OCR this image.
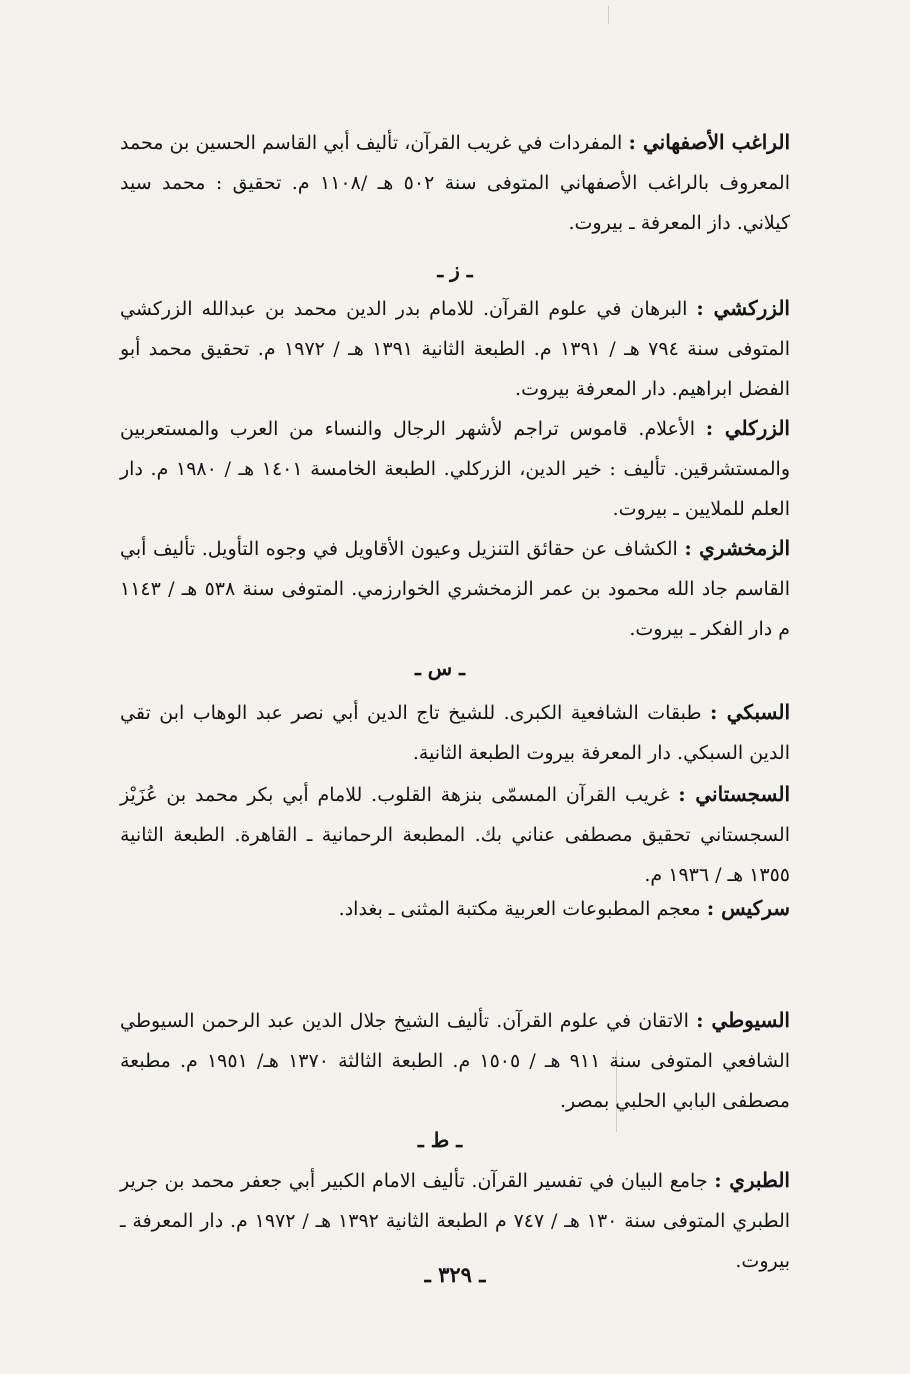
الراغب الأصفهاني : المفردات في غريب القرآن، تأليف أبي القاسم الحسين بن محمد المعروف بالراغب الأصفهاني المتوفى سنة ٥٠٢ هـ /١١٠٨ م. تحقيق : محمد سيد كيلاني. داز المعرفة ـ بيروت.
ـ ز ـ
الزركشي : البرهان في علوم القرآن. للامام بدر الدين محمد بن عبدالله الزركشي المتوفى سنة ٧٩٤ هـ / ١٣٩١ م. الطبعة الثانية ١٣٩١ هـ / ١٩٧٢ م. تحقيق محمد أبو الفضل ابراهيم. دار المعرفة بيروت.
الزركلي : الأعلام. قاموس تراجم لأشهر الرجال والنساء من العرب والمستعربين والمستشرقين. تأليف : خير الدين، الزركلي. الطبعة الخامسة ١٤٠١ هـ / ١٩٨٠ م. دار العلم للملايين ـ بيروت.
الزمخشري : الكشاف عن حقائق التنزيل وعيون الأقاويل في وجوه التأويل. تأليف أبي القاسم جاد الله محمود بن عمر الزمخشري الخوارزمي. المتوفى سنة ٥٣٨ هـ / ١١٤٣ م دار الفكر ـ بيروت.
ـ س ـ
السبكي : طبقات الشافعية الكبرى. للشيخ تاج الدين أبي نصر عبد الوهاب ابن تقي الدين السبكي. دار المعرفة بيروت الطبعة الثانية.
السجستاني : غريب القرآن المسمّى بنزهة القلوب. للامام أبي بكر محمد بن عُزَيْز السجستاني تحقيق مصطفى عناني بك. المطبعة الرحمانية ـ القاهرة. الطبعة الثانية ١٣٥٥ هـ / ١٩٣٦ م.
سركيس : معجم المطبوعات العربية مكتبة المثنى ـ بغداد.
السيوطي : الاتقان في علوم القرآن. تأليف الشيخ جلال الدين عبد الرحمن السيوطي الشافعي المتوفى سنة ٩١١ هـ / ١٥٠٥ م. الطبعة الثالثة ١٣٧٠ هـ/ ١٩٥١ م. مطبعة مصطفى البابي الحلبي بمصر.
ـ ط ـ
الطبري : جامع البيان في تفسير القرآن. تأليف الامام الكبير أبي جعفر محمد بن جرير الطبري المتوفى سنة ١٣٠ هـ / ٧٤٧ م الطبعة الثانية ١٣٩٢ هـ / ١٩٧٢ م. دار المعرفة ـ بيروت.
ـ ٣٢٩ ـ
